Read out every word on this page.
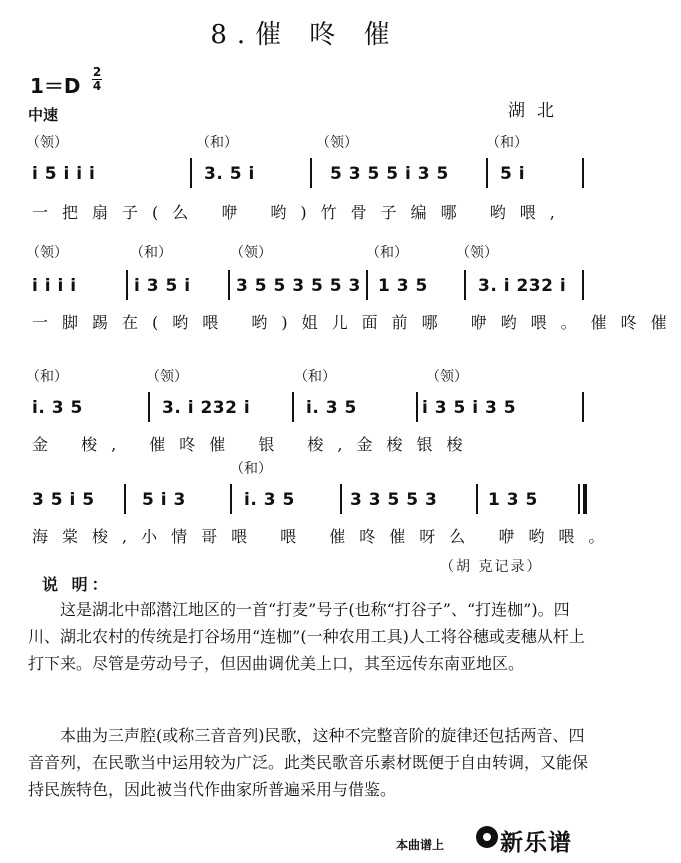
8.催 咚 催
1＝D
2
4
中速	湖北
（领）	（和）	（领）	（和）
i 5 i i i	3. 5 i	5 3 5 5 i 3 5	5 i
一把扇子(么 咿 哟)竹骨子编哪 哟喂,
（领）	（和）	（领）	（和）	（领）
i i i i	i 3 5 i	3 5 5 3 5 5 3 1 3 5	3. i 232 i
一脚踢在(哟喂 哟)姐儿面前哪 咿哟喂。催咚催
（和）	（领）	（和）	（领）
i. 3 5	3. i 232 i	i. 3 5	i 3 5 i 3 5
金 梭, 催咚催 银 梭,金梭银梭
（和）
3 5 i 5	5 i 3	i. 3 5	3 3 5 5 3	1 3 5
海棠梭,小情哥喂 喂 催咚催呀么 咿哟喂。
（胡 克记录）
说 明：
这是湖北中部潜江地区的一首“打麦”号子(也称“打谷子”、“打连枷”)。四川、湖北农村的传统是打谷场用“连枷”(一种农用工具)人工将谷穗或麦穗从杆上打下来。尽管是劳动号子，但因曲调优美上口，其至远传东南亚地区。
本曲为三声腔(或称三音音列)民歌，这种不完整音阶的旋律还包括两音、四音音列，在民歌当中运用较为广泛。此类民歌音乐素材既便于自由转调，又能保持民族特色，因此被当代作曲家所普遍采用与借鉴。
本曲谱上 新乐谱
